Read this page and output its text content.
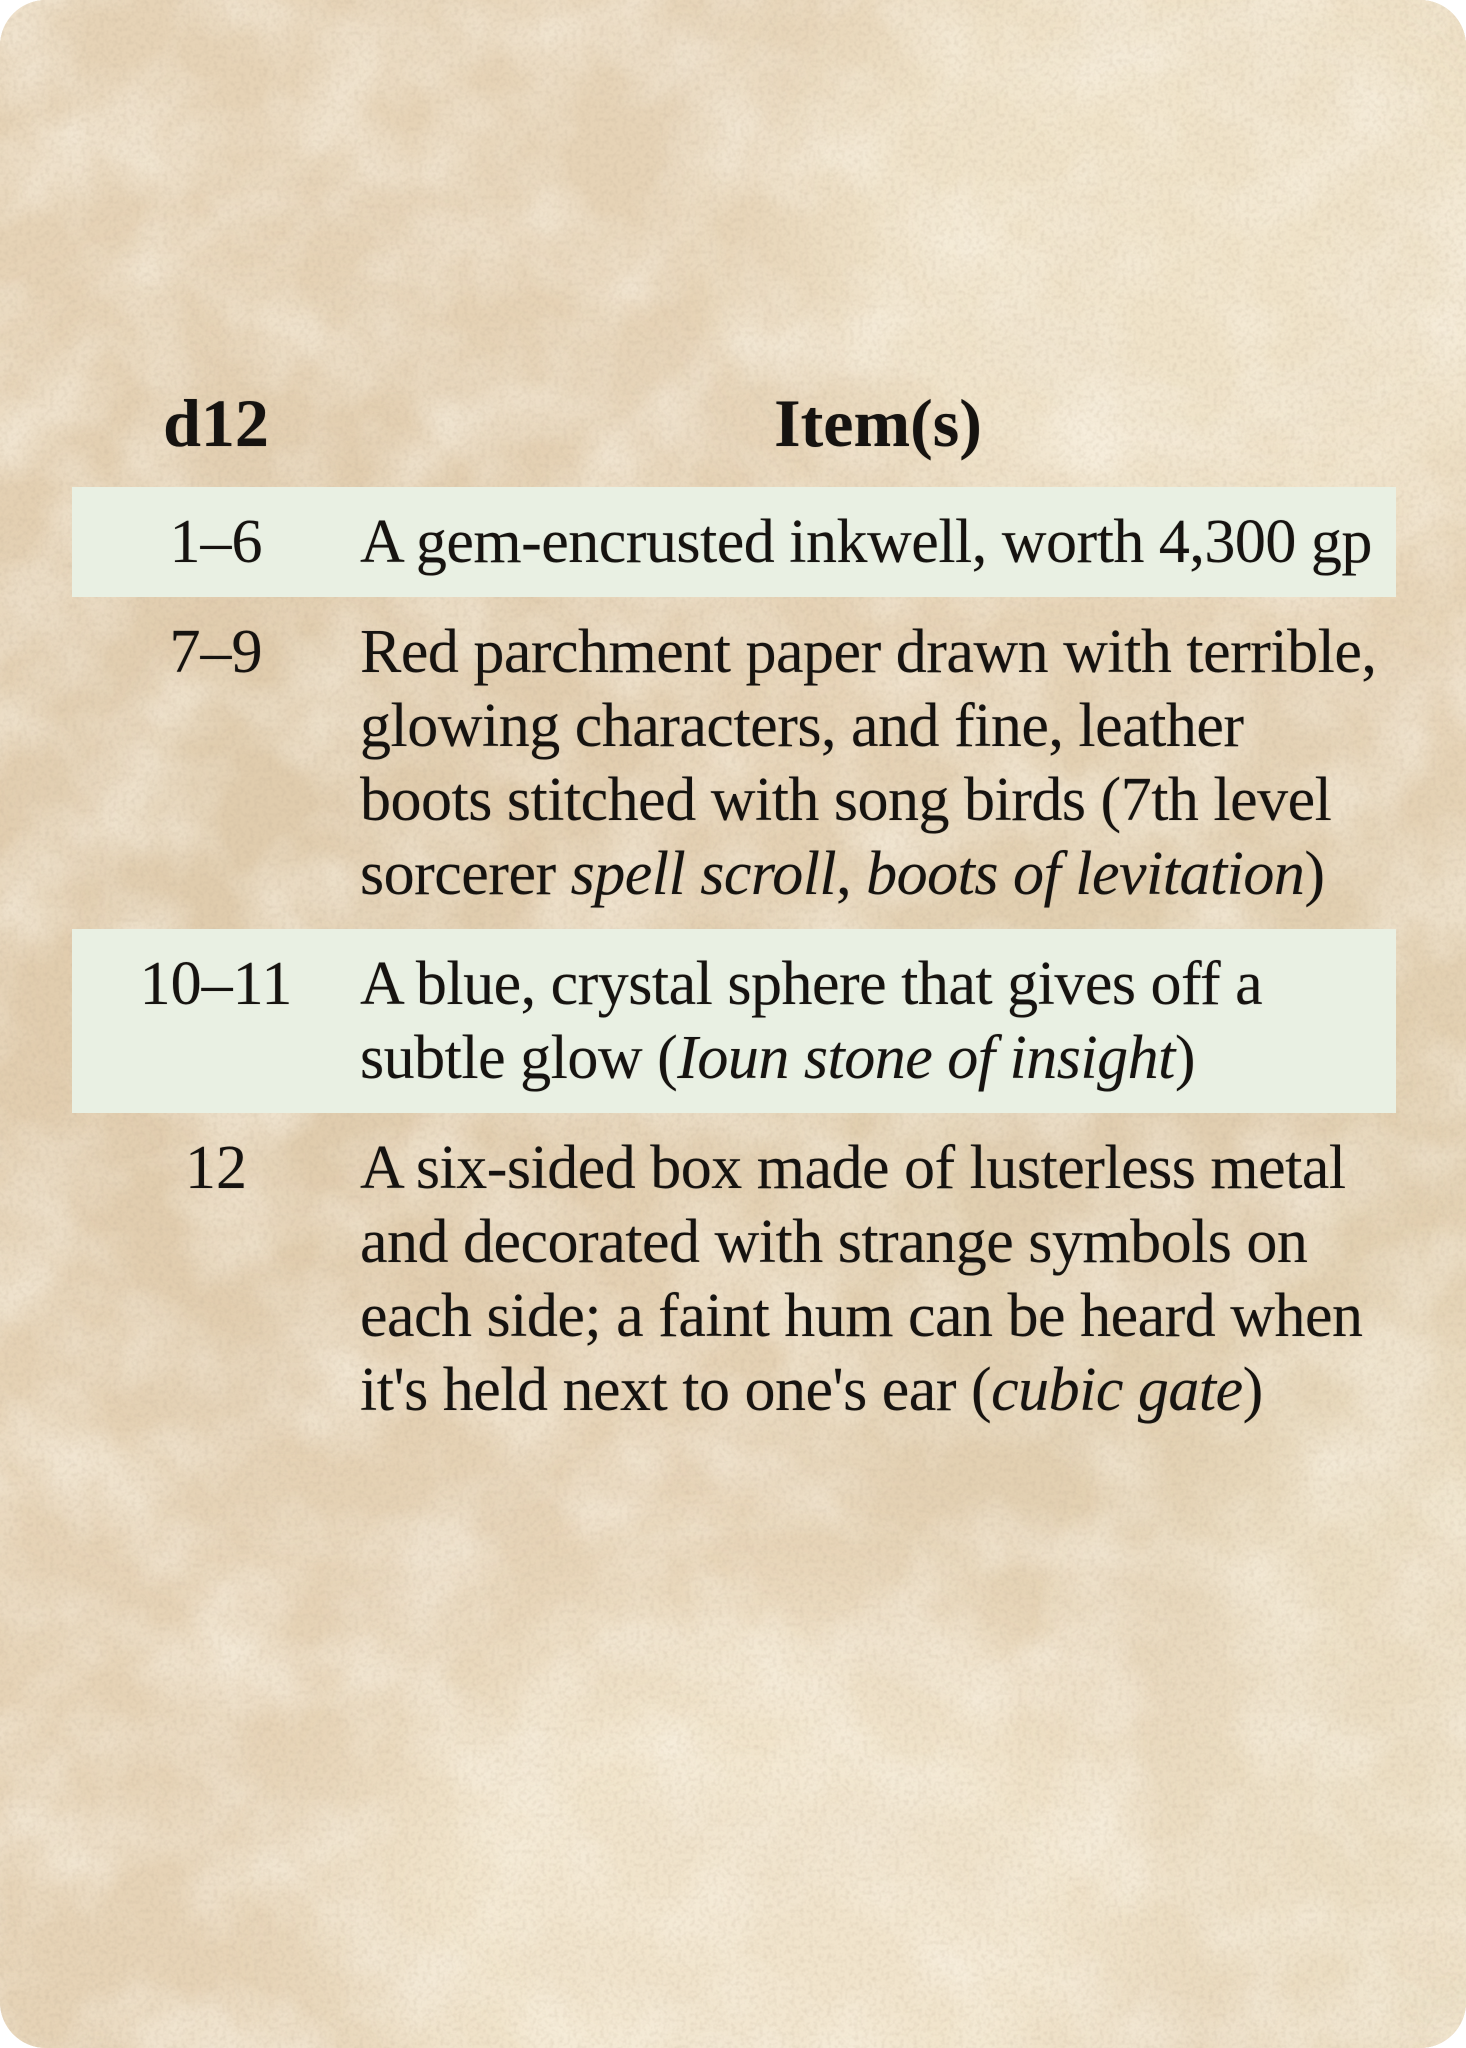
d12	Item(s)
1–6	A gem-encrusted inkwell, worth 4,300 gp
7–9	Red parchment paper drawn with terrible, glowing characters, and fine, leather boots stitched with song birds (7th level sorcerer spell scroll, boots of levitation)
10–11	A blue, crystal sphere that gives off a subtle glow (Ioun stone of insight)
12	A six-sided box made of lusterless metal and decorated with strange symbols on each side; a faint hum can be heard when it's held next to one's ear (cubic gate)
